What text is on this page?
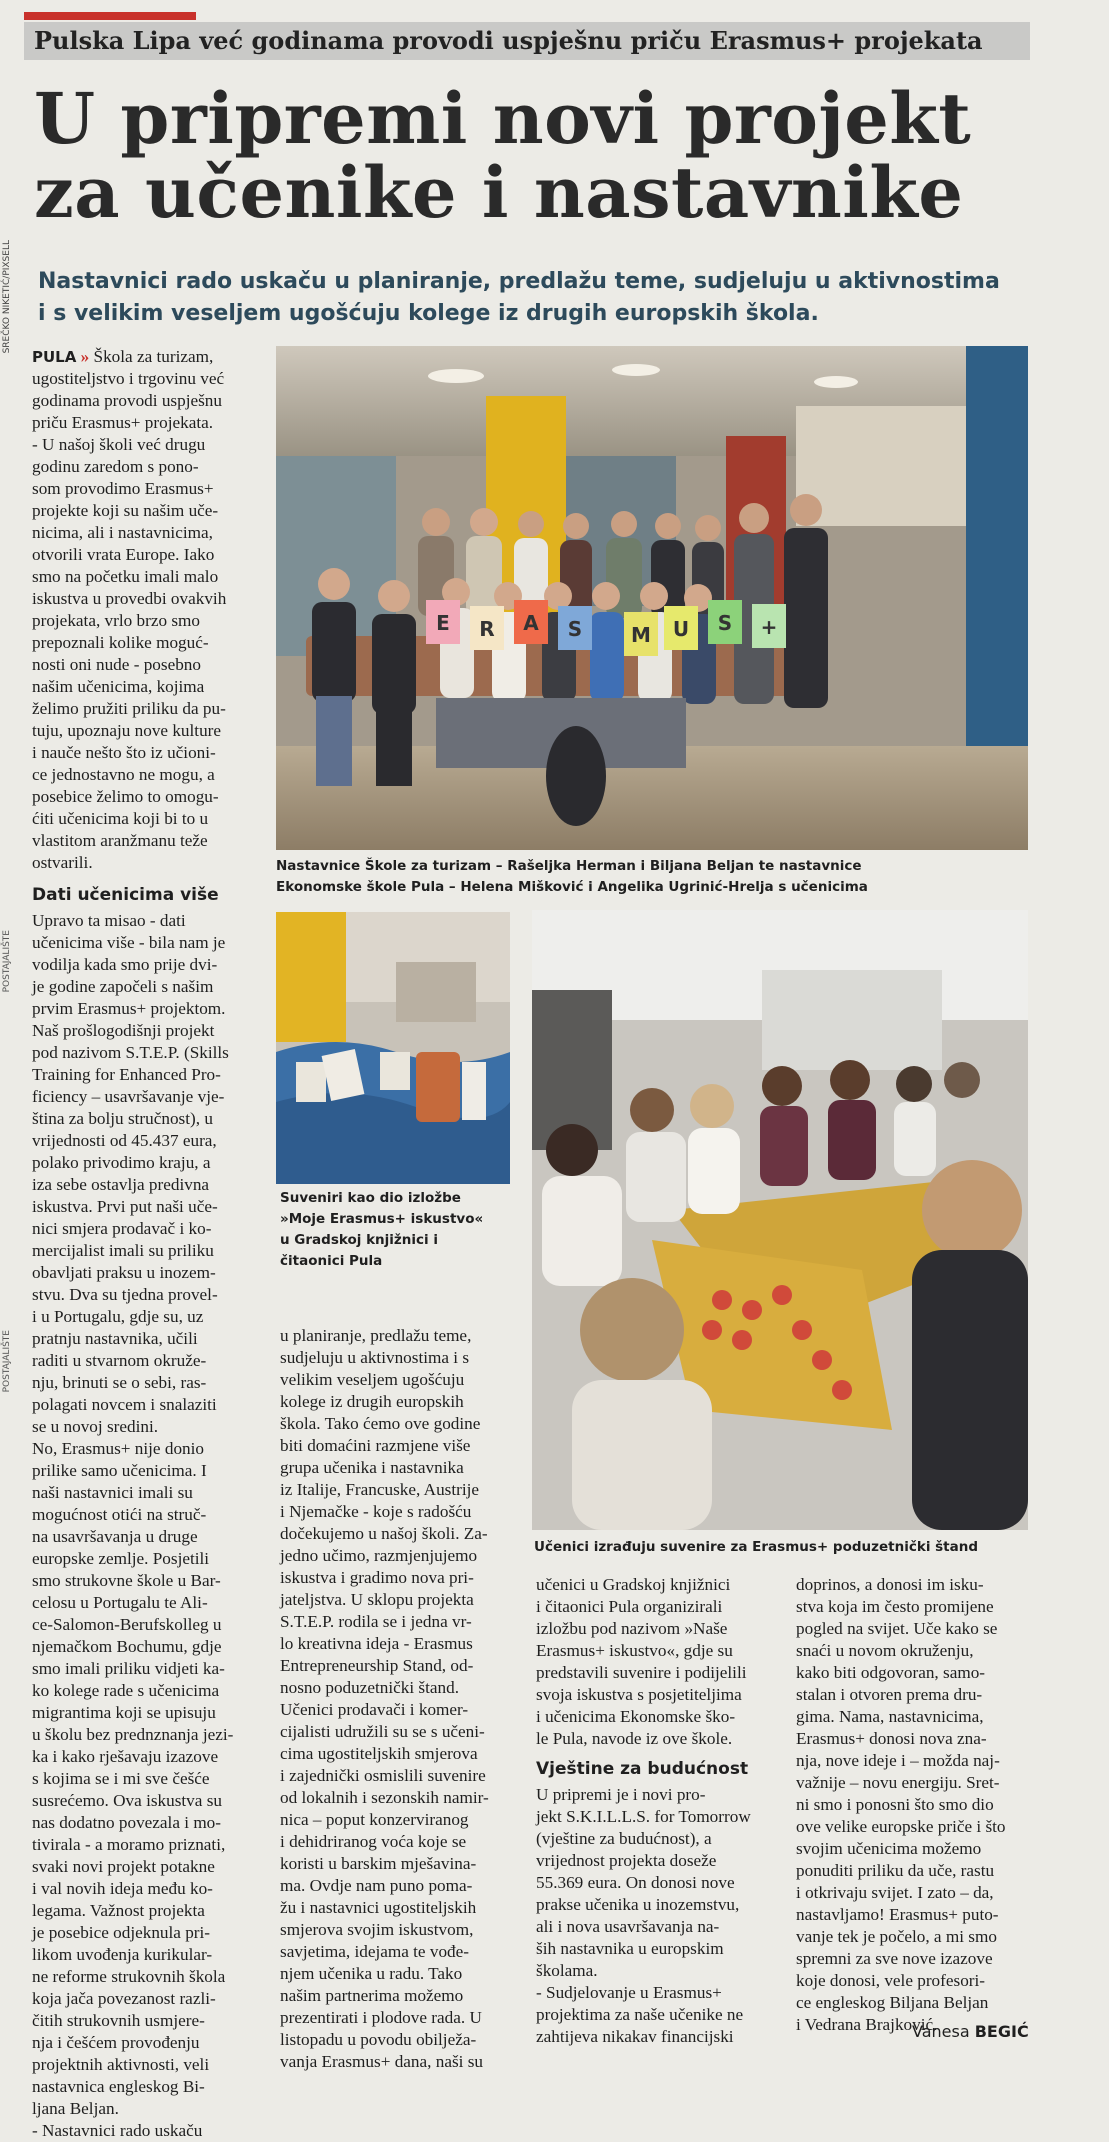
Pulska Lipa već godinama provodi uspješnu priču Erasmus+ projekata
U pripremi novi projekt
za učenike i nastavnike
SREČKO NIKETIĆ/PIXSELL
POSTAJALIŠTE
POSTAJALIŠTE
Nastavnici rado uskaču u planiranje, predlažu teme, sudjeluju u aktivnostima
i s velikim veseljem ugošćuju kolege iz drugih europskih škola.
PULA » Škola za turizam,
ugostiteljstvo i trgovinu već
godinama provodi uspješnu
priču Erasmus+ projekata.
- U našoj školi već drugu
godinu zaredom s pono-
som provodimo Erasmus+
projekte koji su našim uče-
nicima, ali i nastavnicima,
otvorili vrata Europe. Iako
smo na početku imali malo
iskustva u provedbi ovakvih
projekata, vrlo brzo smo
prepoznali kolike moguć-
nosti oni nude - posebno
našim učenicima, kojima
želimo pružiti priliku da pu-
tuju, upoznaju nove kulture
i nauče nešto što iz učioni-
ce jednostavno ne mogu, a
posebice želimo to omogu-
ćiti učenicima koji bi to u
vlastitom aranžmanu teže
ostvarili.
Dati učenicima više
Upravo ta misao - dati
učenicima više - bila nam je
vodilja kada smo prije dvi-
je godine započeli s našim
prvim Erasmus+ projektom.
Naš prošlogodišnji projekt
pod nazivom S.T.E.P. (Skills
Training for Enhanced Pro-
ficiency – usavršavanje vje-
ština za bolju stručnost), u
vrijednosti od 45.437 eura,
polako privodimo kraju, a
iza sebe ostavlja predivna
iskustva. Prvi put naši uče-
nici smjera prodavač i ko-
mercijalist imali su priliku
obavljati praksu u inozem-
stvu. Dva su tjedna provel-
i u Portugalu, gdje su, uz
pratnju nastavnika, učili
raditi u stvarnom okruže-
nju, brinuti se o sebi, ras-
polagati novcem i snalaziti
se u novoj sredini.
No, Erasmus+ nije donio
prilike samo učenicima. I
naši nastavnici imali su
mogućnost otići na struč-
na usavršavanja u druge
europske zemlje. Posjetili
smo strukovne škole u Bar-
celosu u Portugalu te Ali-
ce-Salomon-Berufskolleg u
njemačkom Bochumu, gdje
smo imali priliku vidjeti ka-
ko kolege rade s učenicima
migrantima koji se upisuju
u školu bez prednznanja jezi-
ka i kako rješavaju izazove
s kojima se i mi sve češće
susrećemo. Ova iskustva su
nas dodatno povezala i mo-
tivirala - a moramo priznati,
svaki novi projekt potakne
i val novih ideja među ko-
legama. Važnost projekta
je posebice odjeknula pri-
likom uvođenja kurikular-
ne reforme strukovnih škola
koja jača povezanost razli-
čitih strukovnih usmjere-
nja i češćem provođenju
projektnih aktivnosti, veli
nastavnica engleskog Bi-
ljana Beljan.
- Nastavnici rado uskaču
E R A S M U S +
Nastavnice Škole za turizam – Rašeljka Herman i Biljana Beljan te nastavnice
Ekonomske škole Pula – Helena Mišković i Angelika Ugrinić-Hrelja s učenicima
Suveniri kao dio izložbe
»Moje Erasmus+ iskustvo«
u Gradskoj knjižnici i
čitaonici Pula
Učenici izrađuju suvenire za Erasmus+ poduzetnički štand
u planiranje, predlažu teme,
sudjeluju u aktivnostima i s
velikim veseljem ugošćuju
kolege iz drugih europskih
škola. Tako ćemo ove godine
biti domaćini razmjene više
grupa učenika i nastavnika
iz Italije, Francuske, Austrije
i Njemačke - koje s radošću
dočekujemo u našoj školi. Za-
jedno učimo, razmjenjujemo
iskustva i gradimo nova pri-
jateljstva. U sklopu projekta
S.T.E.P. rodila se i jedna vr-
lo kreativna ideja - Erasmus
Entrepreneurship Stand, od-
nosno poduzetnički štand.
Učenici prodavači i komer-
cijalisti udružili su se s učeni-
cima ugostiteljskih smjerova
i zajednički osmislili suvenire
od lokalnih i sezonskih namir-
nica – poput konzerviranog
i dehidriranog voća koje se
koristi u barskim mješavina-
ma. Ovdje nam puno poma-
žu i nastavnici ugostiteljskih
smjerova svojim iskustvom,
savjetima, idejama te vođe-
njem učenika u radu. Tako
našim partnerima možemo
prezentirati i plodove rada. U
listopadu u povodu obilježa-
vanja Erasmus+ dana, naši su
učenici u Gradskoj knjižnici
i čitaonici Pula organizirali
izložbu pod nazivom »Naše
Erasmus+ iskustvo«, gdje su
predstavili suvenire i podijelili
svoja iskustva s posjetiteljima
i učenicima Ekonomske ško-
le Pula, navode iz ove škole.
Vještine za budućnost
U pripremi je i novi pro-
jekt S.K.I.L.L.S. for Tomorrow
(vještine za budućnost), a
vrijednost projekta doseže
55.369 eura. On donosi nove
prakse učenika u inozemstvu,
ali i nova usavršavanja na-
ših nastavnika u europskim
školama.
- Sudjelovanje u Erasmus+
projektima za naše učenike ne
zahtijeva nikakav financijski
doprinos, a donosi im isku-
stva koja im često promijene
pogled na svijet. Uče kako se
snaći u novom okruženju,
kako biti odgovoran, samo-
stalan i otvoren prema dru-
gima. Nama, nastavnicima,
Erasmus+ donosi nova zna-
nja, nove ideje i – možda naj-
važnije – novu energiju. Sret-
ni smo i ponosni što smo dio
ove velike europske priče i što
svojim učenicima možemo
ponuditi priliku da uče, rastu
i otkrivaju svijet. I zato – da,
nastavljamo! Erasmus+ puto-
vanje tek je počelo, a mi smo
spremni za sve nove izazove
koje donosi, vele profesori-
ce engleskog Biljana Beljan
i Vedrana Brajković.
Vanesa BEGIĆ
